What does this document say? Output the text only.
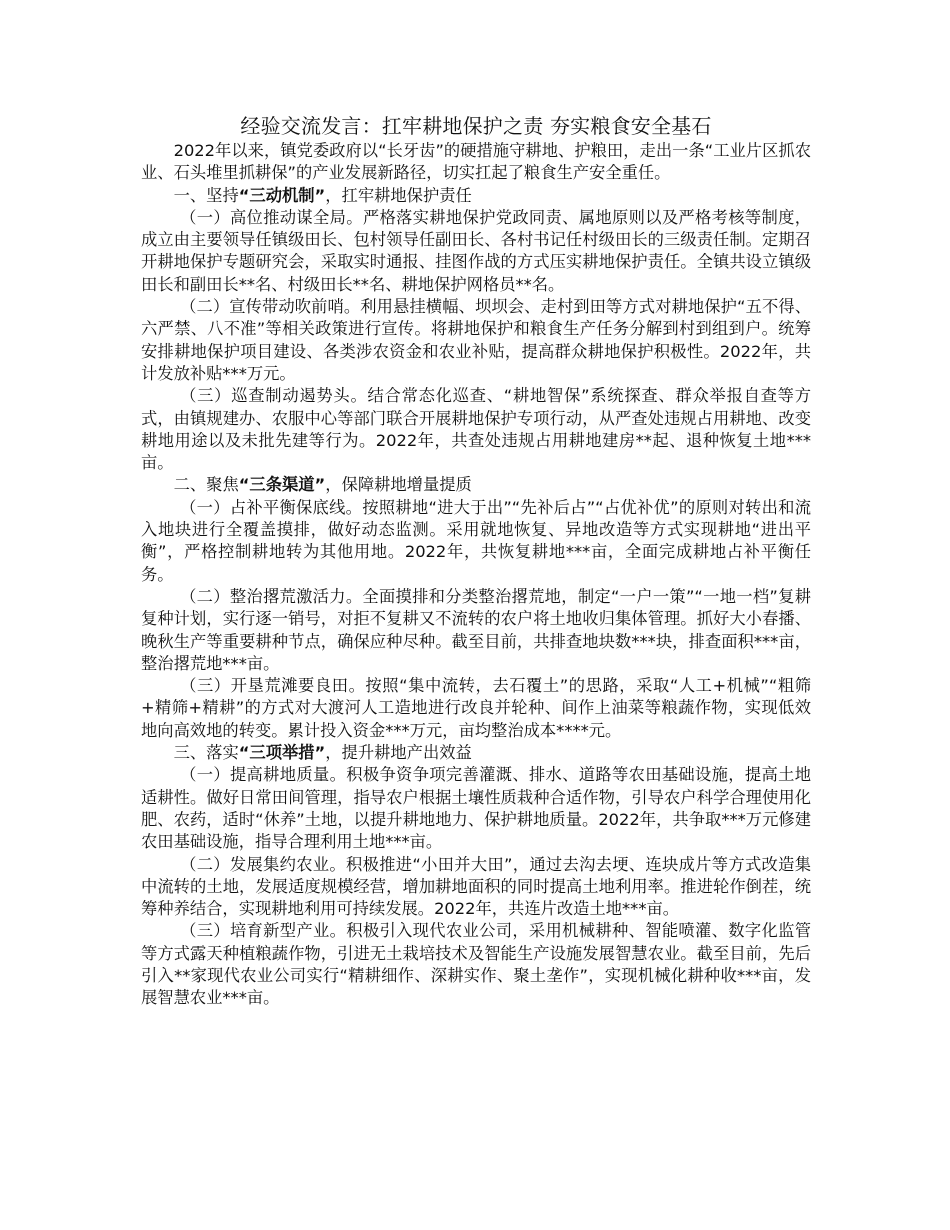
经验交流发言：扛牢耕地保护之责 夯实粮食安全基石

2022年以来，镇党委政府以“长牙齿”的硬措施守耕地、护粮田，走出一条“工业片区抓农业、石头堆里抓耕保”的产业发展新路径，切实扛起了粮食生产安全重任。

一、坚持“三动机制”，扛牢耕地保护责任

（一）高位推动谋全局。严格落实耕地保护党政同责、属地原则以及严格考核等制度，成立由主要领导任镇级田长、包村领导任副田长、各村书记任村级田长的三级责任制。定期召开耕地保护专题研究会，采取实时通报、挂图作战的方式压实耕地保护责任。全镇共设立镇级田长和副田长**名、村级田长**名、耕地保护网格员**名。

（二）宣传带动吹前哨。利用悬挂横幅、坝坝会、走村到田等方式对耕地保护“五不得、六严禁、八不准”等相关政策进行宣传。将耕地保护和粮食生产任务分解到村到组到户。统筹安排耕地保护项目建设、各类涉农资金和农业补贴，提高群众耕地保护积极性。2022年，共计发放补贴***万元。

（三）巡查制动遏势头。结合常态化巡查、“耕地智保”系统探查、群众举报自查等方式，由镇规建办、农服中心等部门联合开展耕地保护专项行动，从严查处违规占用耕地、改变耕地用途以及未批先建等行为。2022年，共查处违规占用耕地建房**起、退种恢复土地***亩。

二、聚焦“三条渠道”，保障耕地增量提质

（一）占补平衡保底线。按照耕地“进大于出”“先补后占”“占优补优”的原则对转出和流入地块进行全覆盖摸排，做好动态监测。采用就地恢复、异地改造等方式实现耕地“进出平衡”，严格控制耕地转为其他用地。2022年，共恢复耕地***亩，全面完成耕地占补平衡任务。

（二）整治撂荒激活力。全面摸排和分类整治撂荒地，制定“一户一策”“一地一档”复耕复种计划，实行逐一销号，对拒不复耕又不流转的农户将土地收归集体管理。抓好大小春播、晚秋生产等重要耕种节点，确保应种尽种。截至目前，共排查地块数***块，排查面积***亩，整治撂荒地***亩。

（三）开垦荒滩要良田。按照“集中流转，去石覆土”的思路，采取“人工+机械”“粗筛+精筛+精耕”的方式对大渡河人工造地进行改良并轮种、间作上油菜等粮蔬作物，实现低效地向高效地的转变。累计投入资金***万元，亩均整治成本****元。

三、落实“三项举措”，提升耕地产出效益

（一）提高耕地质量。积极争资争项完善灌溉、排水、道路等农田基础设施，提高土地适耕性。做好日常田间管理，指导农户根据土壤性质栽种合适作物，引导农户科学合理使用化肥、农药，适时“休养”土地，以提升耕地地力、保护耕地质量。2022年，共争取***万元修建农田基础设施，指导合理利用土地***亩。

（二）发展集约农业。积极推进“小田并大田”，通过去沟去埂、连块成片等方式改造集中流转的土地，发展适度规模经营，增加耕地面积的同时提高土地利用率。推进轮作倒茬，统筹种养结合，实现耕地利用可持续发展。2022年，共连片改造土地***亩。

（三）培育新型产业。积极引入现代农业公司，采用机械耕种、智能喷灌、数字化监管等方式露天种植粮蔬作物，引进无土栽培技术及智能生产设施发展智慧农业。截至目前，先后引入**家现代农业公司实行“精耕细作、深耕实作、聚土垄作”，实现机械化耕种收***亩，发展智慧农业***亩。
